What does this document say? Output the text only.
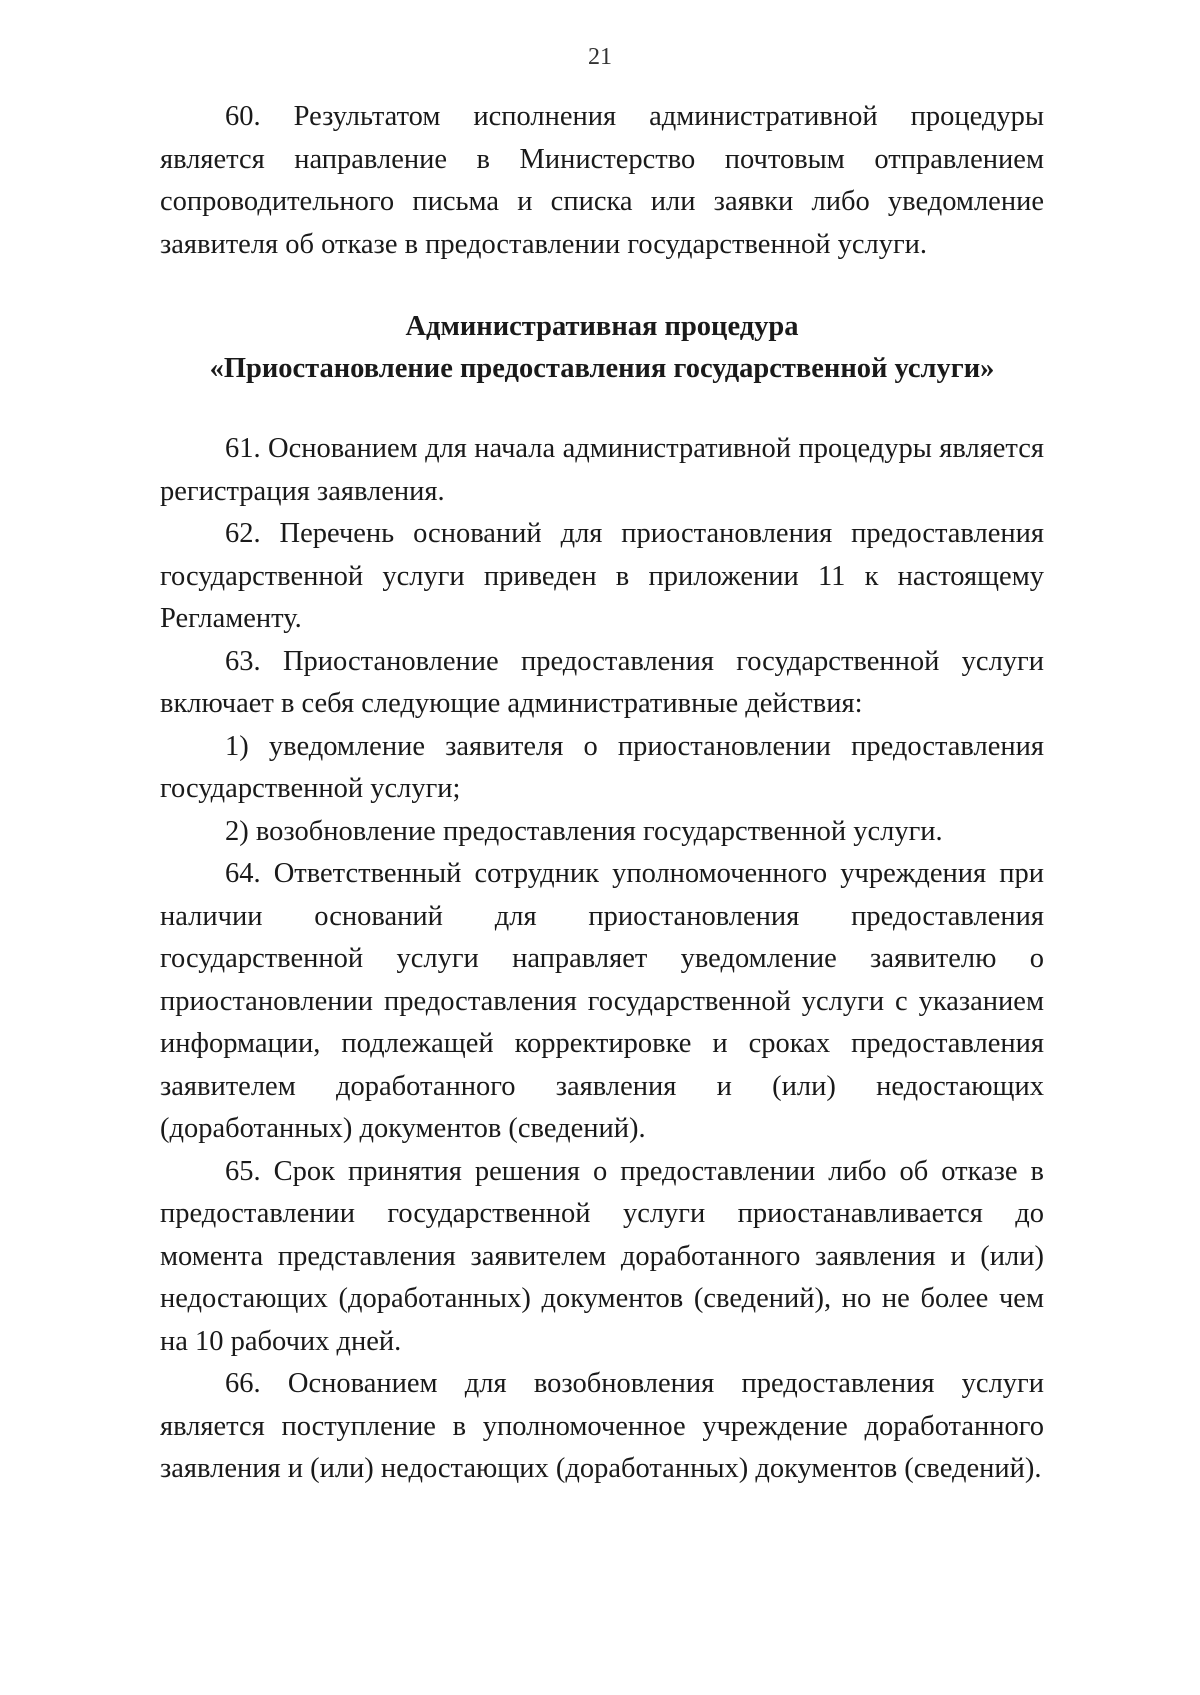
21

60. Результатом исполнения административной процедуры является направление в Министерство почтовым отправлением сопроводительного письма и списка или заявки либо уведомление заявителя об отказе в предоставлении государственной услуги.

Административная процедура
«Приостановление предоставления государственной услуги»

61. Основанием для начала административной процедуры является регистрация заявления.

62. Перечень оснований для приостановления предоставления государственной услуги приведен в приложении 11 к настоящему Регламенту.

63. Приостановление предоставления государственной услуги включает в себя следующие административные действия:

1) уведомление заявителя о приостановлении предоставления государственной услуги;

2) возобновление предоставления государственной услуги.

64. Ответственный сотрудник уполномоченного учреждения при наличии оснований для приостановления предоставления государственной услуги направляет уведомление заявителю о приостановлении предоставления государственной услуги с указанием информации, подлежащей корректировке и сроках предоставления заявителем доработанного заявления и (или) недостающих (доработанных) документов (сведений).

65. Срок принятия решения о предоставлении либо об отказе в предоставлении государственной услуги приостанавливается до момента представления заявителем доработанного заявления и (или) недостающих (доработанных) документов (сведений), но не более чем на 10 рабочих дней.

66. Основанием для возобновления предоставления услуги является поступление в уполномоченное учреждение доработанного заявления и (или) недостающих (доработанных) документов (сведений).
